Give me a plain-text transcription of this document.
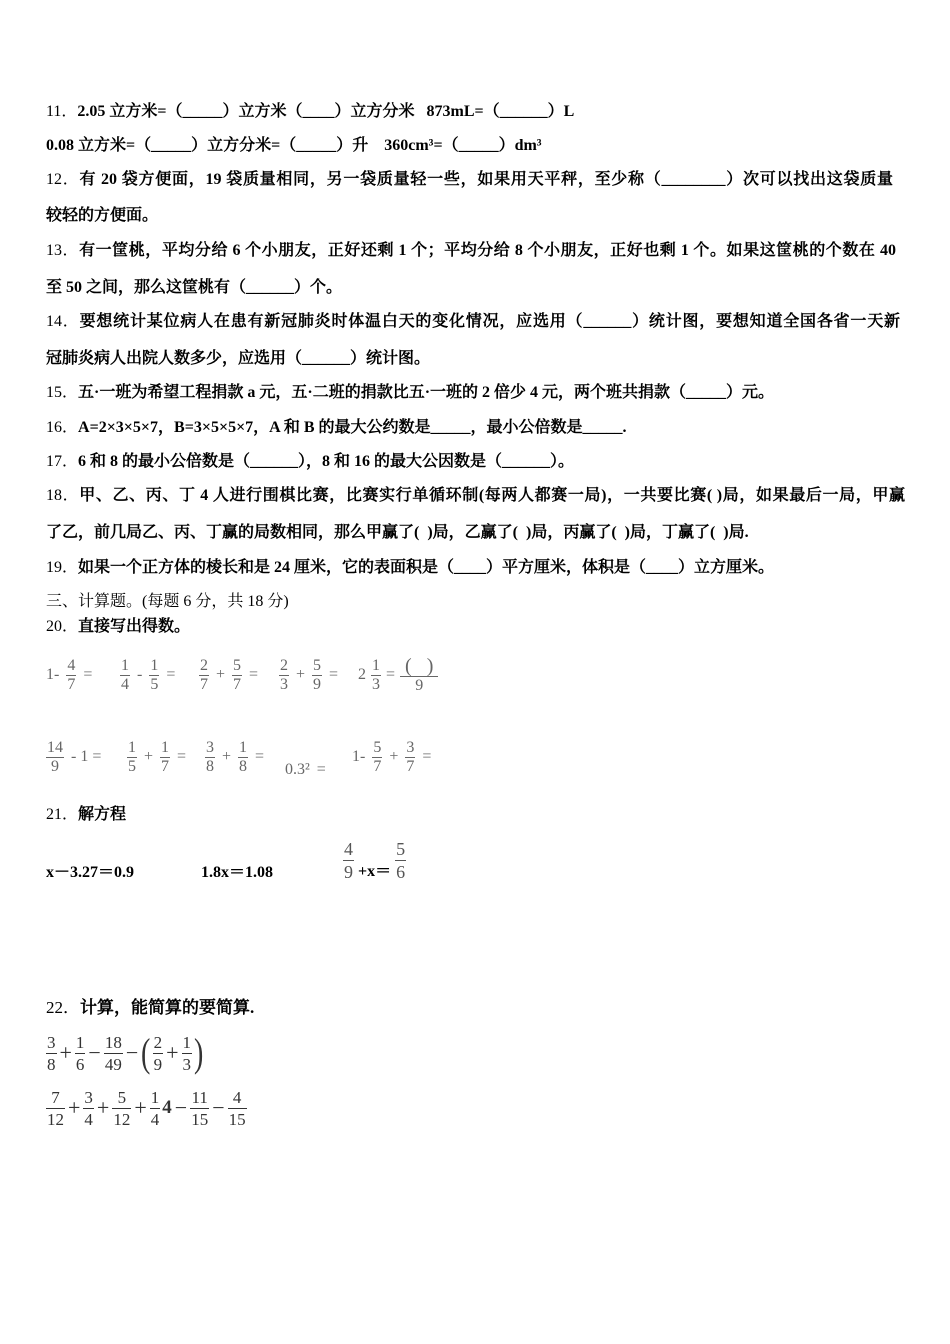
11．2.05 立方米=（_____）立方米（____）立方分米   873mL=（______）L
0.08 立方米=（_____）立方分米=（_____）升    360cm³=（_____）dm³
12．有 20 袋方便面，19 袋质量相同，另一袋质量轻一些，如果用天平秤，至少称（________）次可以找出这袋质量
较轻的方便面。
13．有一筐桃，平均分给 6 个小朋友，正好还剩 1 个；平均分给 8 个小朋友，正好也剩 1 个。如果这筐桃的个数在 40
至 50 之间，那么这筐桃有（______）个。
14．要想统计某位病人在患有新冠肺炎时体温白天的变化情况，应选用（______）统计图，要想知道全国各省一天新
冠肺炎病人出院人数多少，应选用（______）统计图。
15．五·一班为希望工程捐款 a 元，五·二班的捐款比五·一班的 2 倍少 4 元，两个班共捐款（_____）元。
16．A=2×3×5×7，B=3×5×5×7，A 和 B 的最大公约数是_____，最小公倍数是_____.
17．6 和 8 的最小公倍数是（______），8 和 16 的最大公因数是（______）。
18．甲、乙、丙、丁 4 人进行围棋比赛，比赛实行单循环制(每两人都赛一局)，一共要比赛( )局，如果最后一局，甲赢
了乙，前几局乙、丙、丁赢的局数相同，那么甲赢了(  )局，乙赢了(  )局，丙赢了(  )局，丁赢了(  )局.
19．如果一个正方体的棱长和是 24 厘米，它的表面积是（____）平方厘米，体积是（____）立方厘米。
三、计算题。(每题 6 分，共 18 分)
20．直接写出得数。
$1- \frac{4}{7} = \frac{1}{4} - \frac{1}{5} = \frac{2}{7} + \frac{5}{7} = \frac{2}{3} + \frac{5}{9} = 2 \frac{1}{3} = \frac{( )}{9}$
$\frac{14}{9} - 1 = \frac{1}{5} + \frac{1}{7} = \frac{3}{8} + \frac{1}{8}$ =
0.3² =
$1- \frac{5}{7} + \frac{3}{7}$ =
21．解方程
x－3.27＝0.9	1.8x＝1.08	$\frac{4}{9} +x= \frac{5}{6}$
22．计算，能简算的要简算.
$\frac{3}{8} + \frac{1}{6} - \frac{18}{49}$ − ( $\frac{2}{9} + \frac{1}{3}$ )
$\frac{7}{12} + \frac{3}{4} + \frac{5}{12} + \frac{1}{4} 4 - \frac{11}{15} - \frac{4}{15}$
